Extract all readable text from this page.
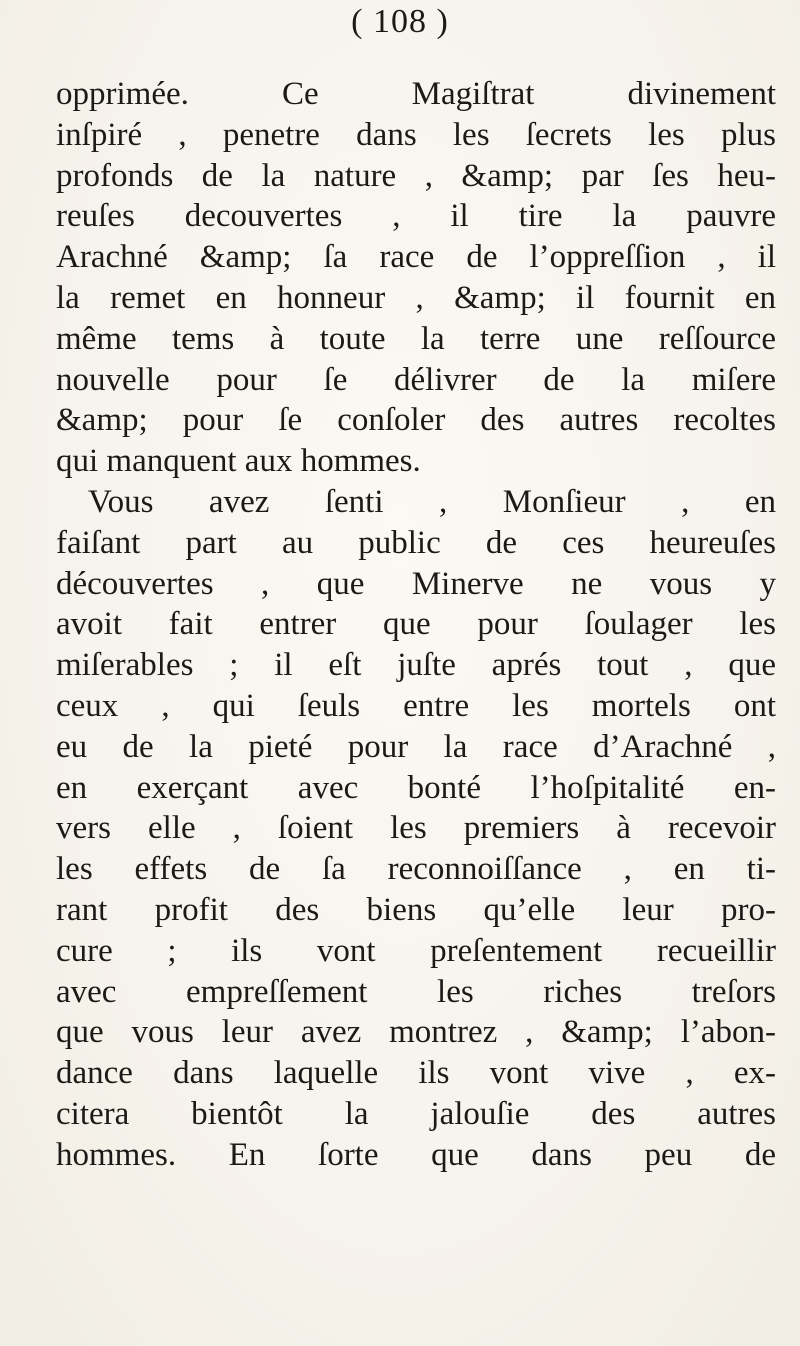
( 108 )
opprimée. Ce Magiſtrat divinement
inſpiré , penetre dans les ſecrets les plus
profonds de la nature , &amp; par ſes heu-
reuſes decouvertes , il tire la pauvre
Arachné &amp; ſa race de l’oppreſſion , il
la remet en honneur , &amp; il fournit en
même tems à toute la terre une reſſource
nouvelle pour ſe délivrer de la miſere
&amp; pour ſe conſoler des autres recoltes
qui manquent aux hommes.
Vous avez ſenti , Monſieur , en
faiſant part au public de ces heureuſes
découvertes , que Minerve ne vous y
avoit fait entrer que pour ſoulager les
miſerables ; il eſt juſte aprés tout , que
ceux , qui ſeuls entre les mortels ont
eu de la pieté pour la race d’Arachné ,
en exerçant avec bonté l’hoſpitalité en-
vers elle , ſoient les premiers à recevoir
les effets de ſa reconnoiſſance , en ti-
rant profit des biens qu’elle leur pro-
cure ; ils vont preſentement recueillir
avec empreſſement les riches treſors
que vous leur avez montrez , &amp; l’abon-
dance dans laquelle ils vont vive , ex-
citera bientôt la jalouſie des autres
hommes. En ſorte que dans peu de
